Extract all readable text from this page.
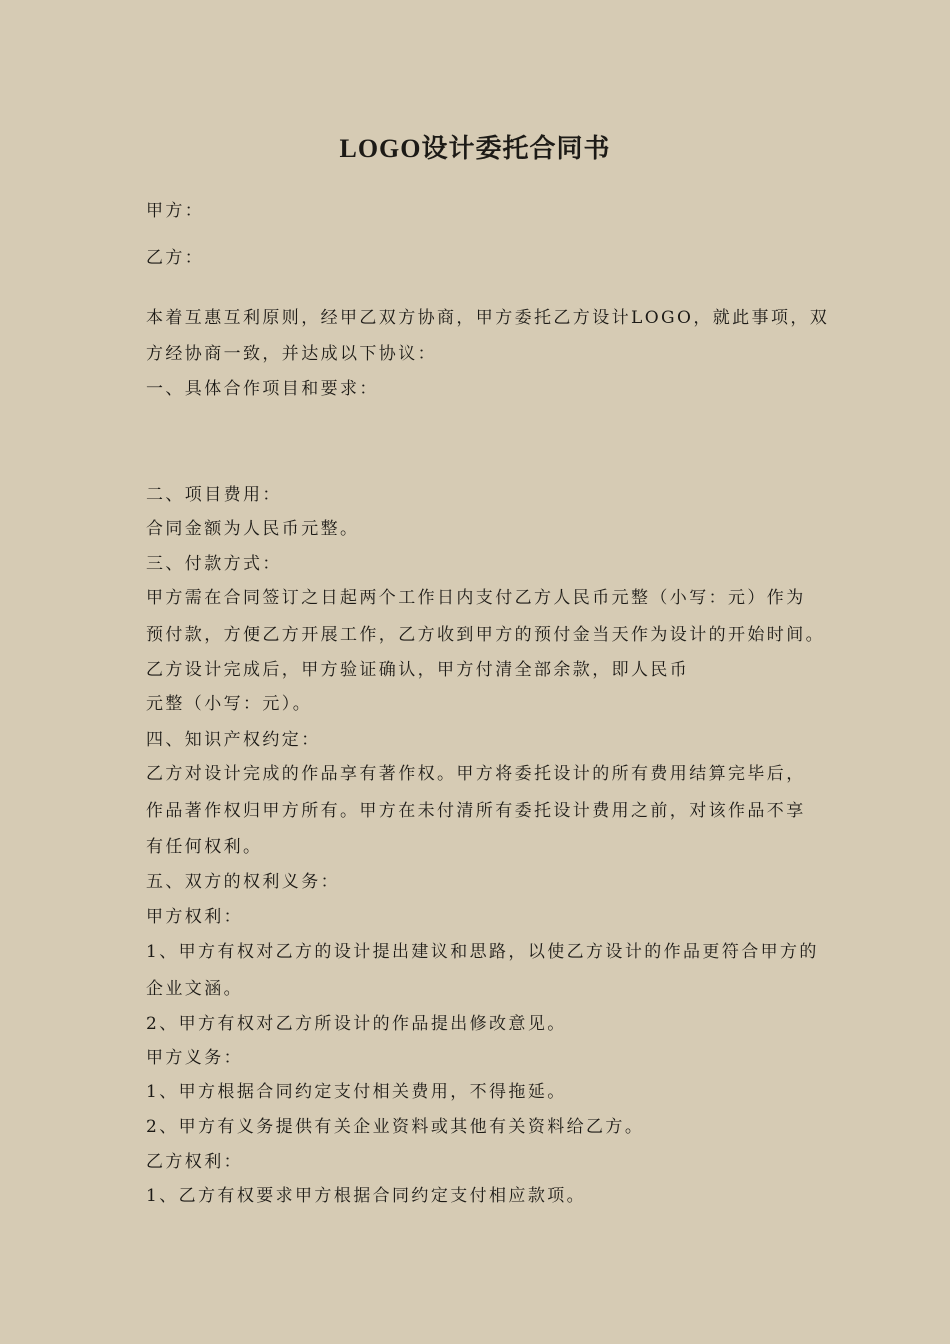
LOGO设计委托合同书
甲方：
乙方：
本着互惠互利原则，经甲乙双方协商，甲方委托乙方设计LOGO，就此事项，双
方经协商一致，并达成以下协议：
一、具体合作项目和要求：
二、项目费用：
合同金额为人民币元整。
三、付款方式：
甲方需在合同签订之日起两个工作日内支付乙方人民币元整（小写：元）作为
预付款，方便乙方开展工作，乙方收到甲方的预付金当天作为设计的开始时间。
乙方设计完成后，甲方验证确认，甲方付清全部余款，即人民币
元整（小写：元）。
四、知识产权约定：
乙方对设计完成的作品享有著作权。甲方将委托设计的所有费用结算完毕后，
作品著作权归甲方所有。甲方在未付清所有委托设计费用之前，对该作品不享
有任何权利。
五、双方的权利义务：
甲方权利：
1、甲方有权对乙方的设计提出建议和思路，以使乙方设计的作品更符合甲方的
企业文涵。
2、甲方有权对乙方所设计的作品提出修改意见。
甲方义务：
1、甲方根据合同约定支付相关费用，不得拖延。
2、甲方有义务提供有关企业资料或其他有关资料给乙方。
乙方权利：
1、乙方有权要求甲方根据合同约定支付相应款项。
